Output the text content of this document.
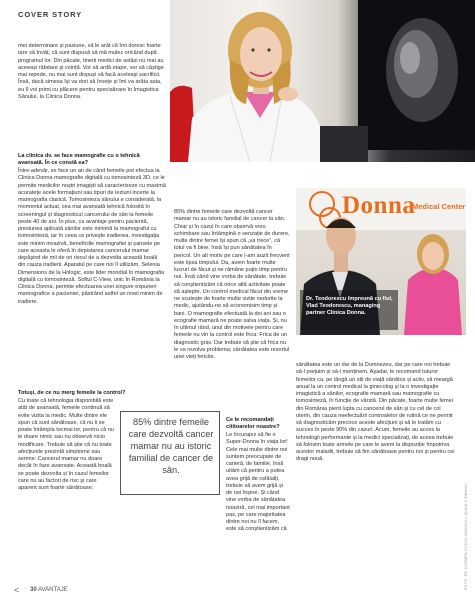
COVER STORY
mei determinare și pasiune, să le arăt că îmi doresc foarte tare să învăț, că sunt dispusă să mă mulez oricând după programul lor. Din păcate, tinerii medici de astăzi nu mai au aceeași răbdare și voință. Vor să ardă etape, vor să câștige mai repede, nu mai sunt dispuși să facă aceleași sacrificii. Însă, dacă simesa își va dori să învețe și îmi va arăta asta, eu îl voi primi cu plăcere pentru specializare în Imagistica Sânului, la Clinica Donna.
La clinica dv. se face mamografie cu o tehnică avansată. În ce constă ea?
Între-adevăr, se face un an de când femeile pot efectua la Clinica Donna mamografie digitală cu tomosinteză 3D, ce le permite medicilor noștri imagiști să caracterizeze cu maximă acuratețe acele formațiuni sau tipuri de leziuni incerte la mamografia clasică. Tomosinteza sânului e considerată, la momentul actual, cea mai avansată tehnică folosită în screeningul și diagnosticul cancerului de sân la femeile peste 40 de ani. În plus, ca avantaje pentru pacientă, presiunea aplicată sânilor este minimă la mamograful cu tomosinteză, iar în ceea ce privește iradierea, investigația este minim invazivă, beneficiile mamografiei și șansele pe care aceasta le oferă în depistarea cancerului mamar depășind de mii de ori riscul de a dezvolta această boală din cauza iradierii. Aparatul pe care noi îl utilizăm, Selenia Dimensions de la Hologic, este lider mondial în mamografia digitală cu tomosinteză. Softul C-View, unic în România la Clinica Donna, permite efectuarea unei singure expuneri mamografice a pacientei, păstrând astfel un nivel minim de iradiere.
Totuși, de ce nu merg femeile la control?
Cu toate că tehnologia disponibilă este atât de avansată, femeile continuă să evite vizita la medic. Multe dintre ele spun că sunt sănătoase, că nu li se poate întâmpla tocmai lor, pentru că nu le doare nimic sau nu observă nicio modificare. Trebuie să știe că nu toate afecțiunile prezintă simptome sau semne: Cancerul mamar nu doare decât în faze avansate. Această boală se poate dezvolta și în cazul femeilor care nu au factori de risc și care aparent sunt foarte sănătoase;
85% dintre femeile care dezvoltă cancer mamar nu au istoric familial de cancer de sân.
85% dintre femeile care dezvoltă cancer mamar nu au istoric familial de cancer la sân. Chiar și în cazul în care observă vreo schimbare sau întâmpină o senzație de durere, multe dintre femei își spun că „va trece”, că totul va fi bine, însă își pun sănătatea în pericol. Un alt motiv pe care l-am auzit frecvent este lipsa timpului. Da, avem foarte multe lucruri de făcut și ne rămâne puțin timp pentru noi. Însă când vine vorba de sănătate, trebuie să conștientizăm că orice altă activitate poate să aștepte. Un control medical făcut din vreme ne scutește de foarte multe vizite nedorite la medic, ajutându-ne să economisim timp și bani. O mamografie efectuată la doi ani sau o ecografie mamară ne poate salva viața. Și, nu în ultimul rând, unul din motivele pentru care femeile nu vin la control este frica: Frica de un diagnostic grav. Dar trebuie să știe că frica nu le va rezolva problema; sănătatea este resortul unei vieți fericite.
Ce le recomandați cititoarelor noastre?
Le încurajez să fie o Super-Donna în viața lor! Cele mai multe dintre noi suntem preocupate de carieră, de familie, însă uităm că pentru a putea avea grijă de celălalți, trebuie să avem grijă și de noi înșine. Și când vine vorba de sănătatea noastră, cel mai important pas, pe care majoritatea dintre noi nu îl facem, este să conștientizăm că
Donna
Medical Center
Dr. Teodorescu împreună cu fiul, Vlad Teodorescu, managing partner Clinica Donna.
sănătatea este un dar de la Dumnezeu, dar pe care noi trebuie să-l prețuim și să-l menținem. Așadar, le recomand tuturor femeilor ca, pe lângă un stil de viață sănătos și activ, să meargă anual la un control medical la ginecolog și la o investigație imagistică a sânilor, ecografie mamară sau mamografie cu tomosinteză, în funcție de vârstă. Din păcate, foarte multe femei din România pierd lupta cu cancerul de sân și cu cel de col uterin, din cauza neefectuării controalelor de rutină ce ne permit să diagnosticăm precoce aceste afecțiuni și să le tratăm cu succes în peste 90% din cazuri. Acum, femeile au acces la tehnologii performante și la medici specializați, de aceea trebuie să folosim toate armele pe care le avem la dispoziție împotriva acestor maladii, trebuie să fim sănătoase pentru noi și pentru cei dragi nouă.
< 30 AVANTAJE	FOTO: DE CARMEN CHICA; MACHIAJ: ALINA CIOBANU
